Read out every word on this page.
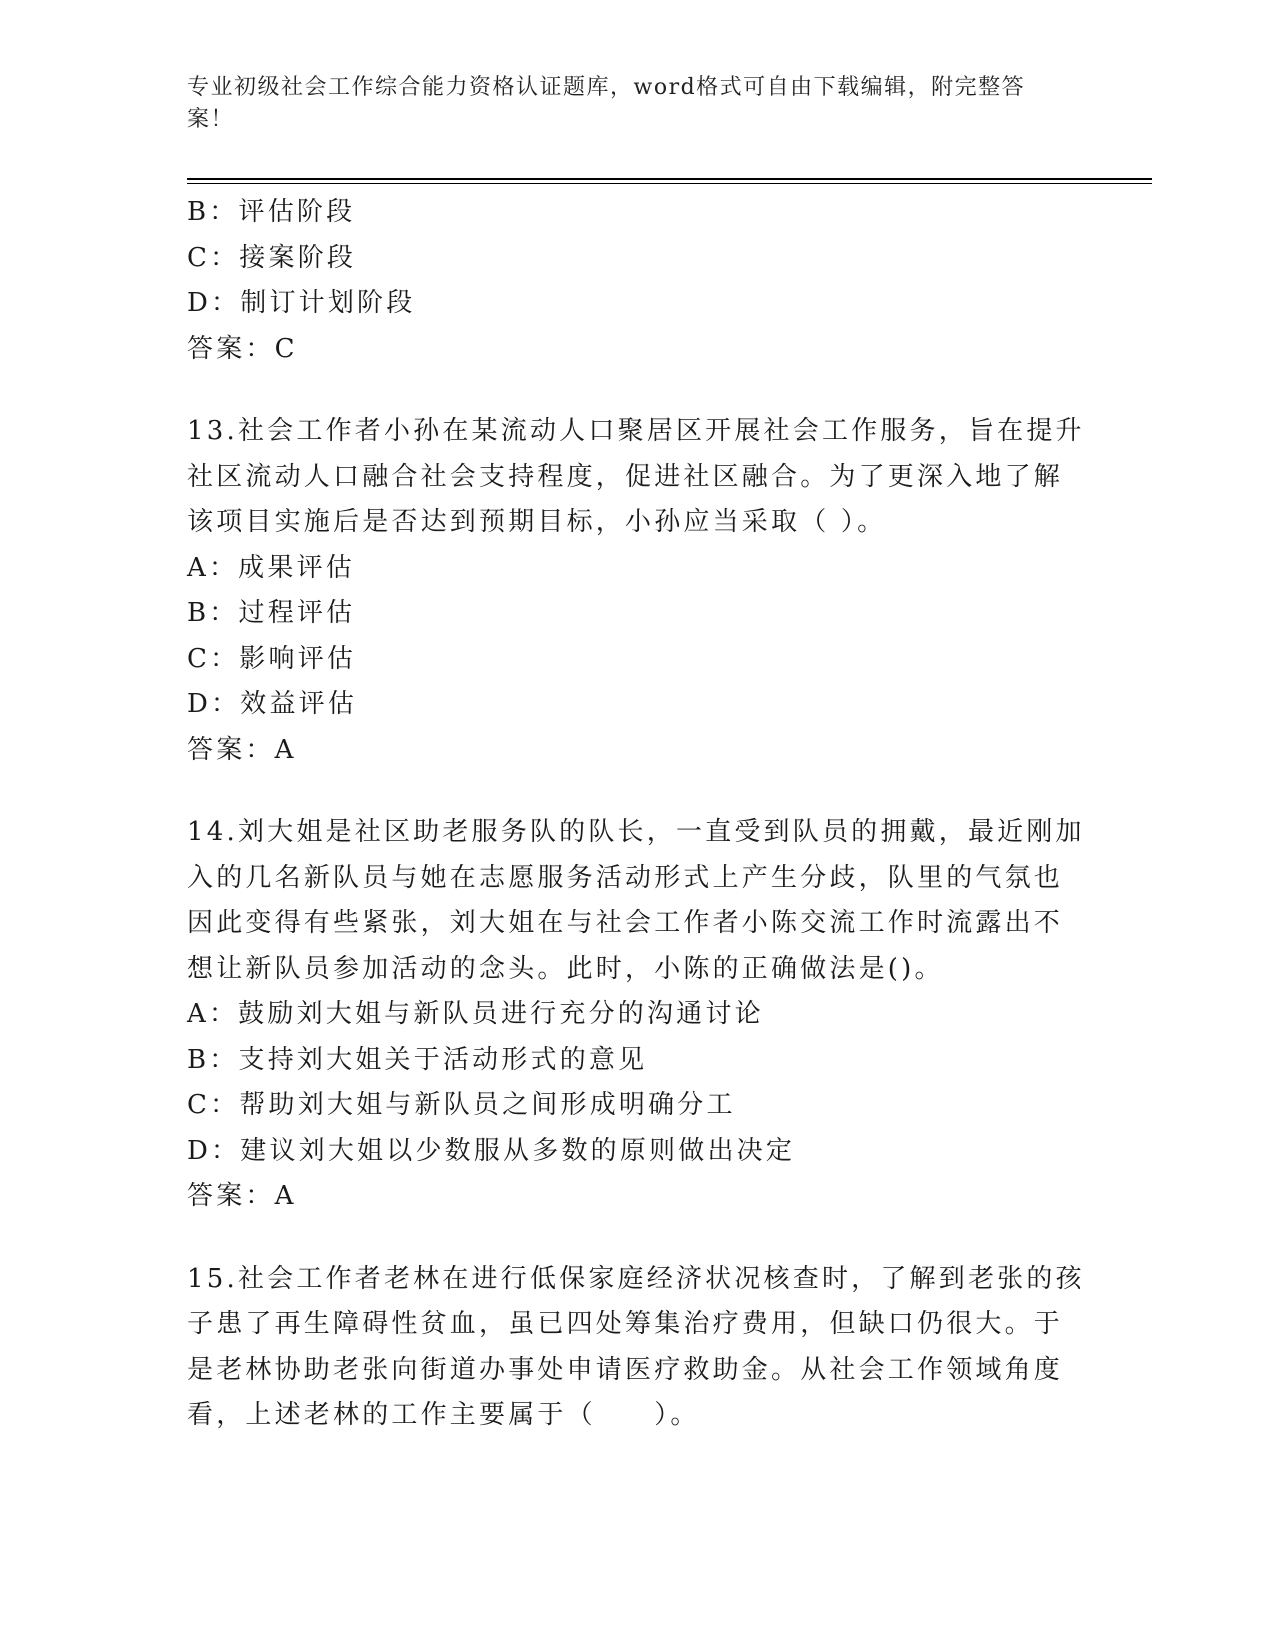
专业初级社会工作综合能力资格认证题库，word格式可自由下载编辑，附完整答
案！
B：评估阶段
C：接案阶段
D：制订计划阶段
答案：C
13.社会工作者小孙在某流动人口聚居区开展社会工作服务，旨在提升
社区流动人口融合社会支持程度，促进社区融合。为了更深入地了解
该项目实施后是否达到预期目标，小孙应当采取（ ）。
A：成果评估
B：过程评估
C：影响评估
D：效益评估
答案：A
14.刘大姐是社区助老服务队的队长，一直受到队员的拥戴，最近刚加
入的几名新队员与她在志愿服务活动形式上产生分歧，队里的气氛也
因此变得有些紧张，刘大姐在与社会工作者小陈交流工作时流露出不
想让新队员参加活动的念头。此时，小陈的正确做法是()。
A：鼓励刘大姐与新队员进行充分的沟通讨论
B：支持刘大姐关于活动形式的意见
C：帮助刘大姐与新队员之间形成明确分工
D：建议刘大姐以少数服从多数的原则做出决定
答案：A
15.社会工作者老林在进行低保家庭经济状况核查时，了解到老张的孩
子患了再生障碍性贫血，虽已四处筹集治疗费用，但缺口仍很大。于
是老林协助老张向街道办事处申请医疗救助金。从社会工作领域角度
看，上述老林的工作主要属于（　　）。
